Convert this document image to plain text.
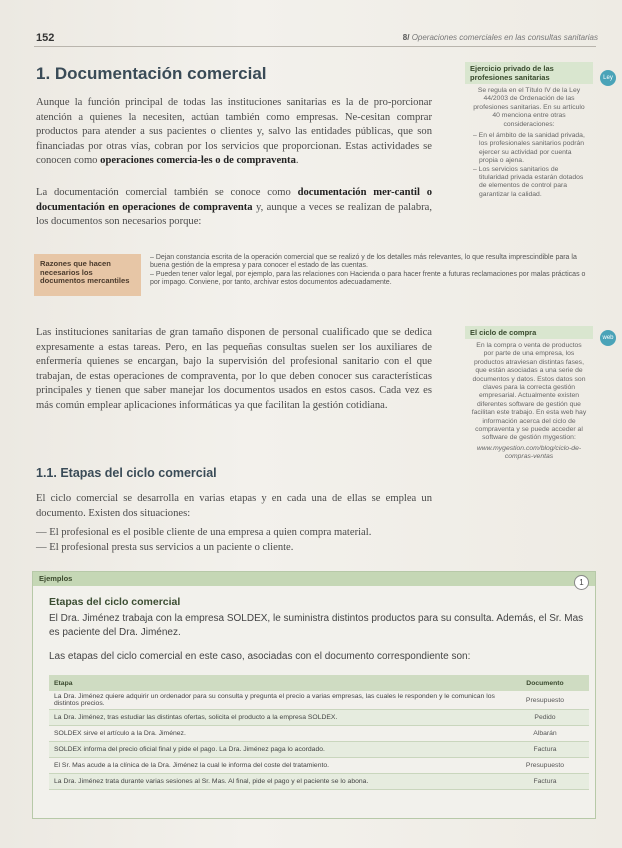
152	8/ Operaciones comerciales en las consultas sanitarias
1. Documentación comercial

Aunque la función principal de todas las instituciones sanitarias es la de pro-porcionar atención a quienes la necesiten, actúan también como empresas. Ne-cesitan comprar productos para atender a sus pacientes o clientes y, salvo las entidades públicas, que son financiadas por otras vías, cobran por los servicios que proporcionan. Estas actividades se conocen como operaciones comercia-les o de compraventa.

La documentación comercial también se conoce como documentación mer-cantil o documentación en operaciones de compraventa y, aunque a veces se realizan de palabra, los documentos son necesarios porque:

Ejercicio privado de las profesiones sanitarias
Se regula en el Título IV de la Ley 44/2003 de Ordenación de las profesiones sanitarias. En su artículo 40 menciona entre otras consideraciones:
– En el ámbito de la sanidad privada, los profesionales sanitarios podrán ejercer su actividad por cuenta propia o ajena.
– Los servicios sanitarios de titularidad privada estarán dotados de elementos de control para garantizar la calidad.
Ley
Razones que hacen necesarios los documentos mercantiles
– Dejan constancia escrita de la operación comercial que se realizó y de los detalles más relevantes, lo que resulta imprescindible para la buena gestión de la empresa y para conocer el estado de las cuentas.
– Pueden tener valor legal, por ejemplo, para las relaciones con Hacienda o para hacer frente a futuras reclamaciones por malas prácticas o por impago. Conviene, por tanto, archivar estos documentos adecuadamente.

Las instituciones sanitarias de gran tamaño disponen de personal cualificado que se dedica expresamente a estas tareas. Pero, en las pequeñas consultas suelen ser los auxiliares de enfermería quienes se encargan, bajo la supervisión del profesional sanitario con el que trabajan, de estas operaciones de compraventa, por lo que deben conocer sus características principales y tienen que saber manejar los documentos usados en estos casos. Cada vez es más común emplear aplicaciones informáticas ya que facilitan la gestión cotidiana.

El ciclo de compra
En la compra o venta de productos por parte de una empresa, los productos atraviesan distintas fases, que están asociadas a una serie de documentos y datos. Estos datos son claves para la correcta gestión empresarial. Actualmente existen diferentes software de gestión que facilitan este trabajo. En esta web hay información acerca del ciclo de compraventa y se puede acceder al software de gestión mygestion:
www.mygestion.com/blog/ciclo-de-compras-ventas
web
1.1. Etapas del ciclo comercial

El ciclo comercial se desarrolla en varias etapas y en cada una de ellas se emplea un documento. Existen dos situaciones:

— El profesional es el posible cliente de una empresa a quien compra material.
— El profesional presta sus servicios a un paciente o cliente.
Ejemplos	1
Etapas del ciclo comercial

El Dra. Jiménez trabaja con la empresa SOLDEX, le suministra distintos productos para su consulta. Además, el Sr. Mas es paciente del Dra. Jiménez.

Las etapas del ciclo comercial en este caso, asociadas con el documento correspondiente son:

Etapa	Documento
La Dra. Jiménez quiere adquirir un ordenador para su consulta y pregunta el precio a varias empresas, las cuales le responden y le comunican los distintos precios.	Presupuesto
La Dra. Jiménez, tras estudiar las distintas ofertas, solicita el producto a la empresa SOLDEX.	Pedido
SOLDEX sirve el artículo a la Dra. Jiménez.	Albarán
SOLDEX informa del precio oficial final y pide el pago. La Dra. Jiménez paga lo acordado.	Factura
El Sr. Mas acude a la clínica de la Dra. Jiménez la cual le informa del coste del tratamiento.	Presupuesto
La Dra. Jiménez trata durante varias sesiones al Sr. Mas. Al final, pide el pago y el paciente se lo abona.	Factura
